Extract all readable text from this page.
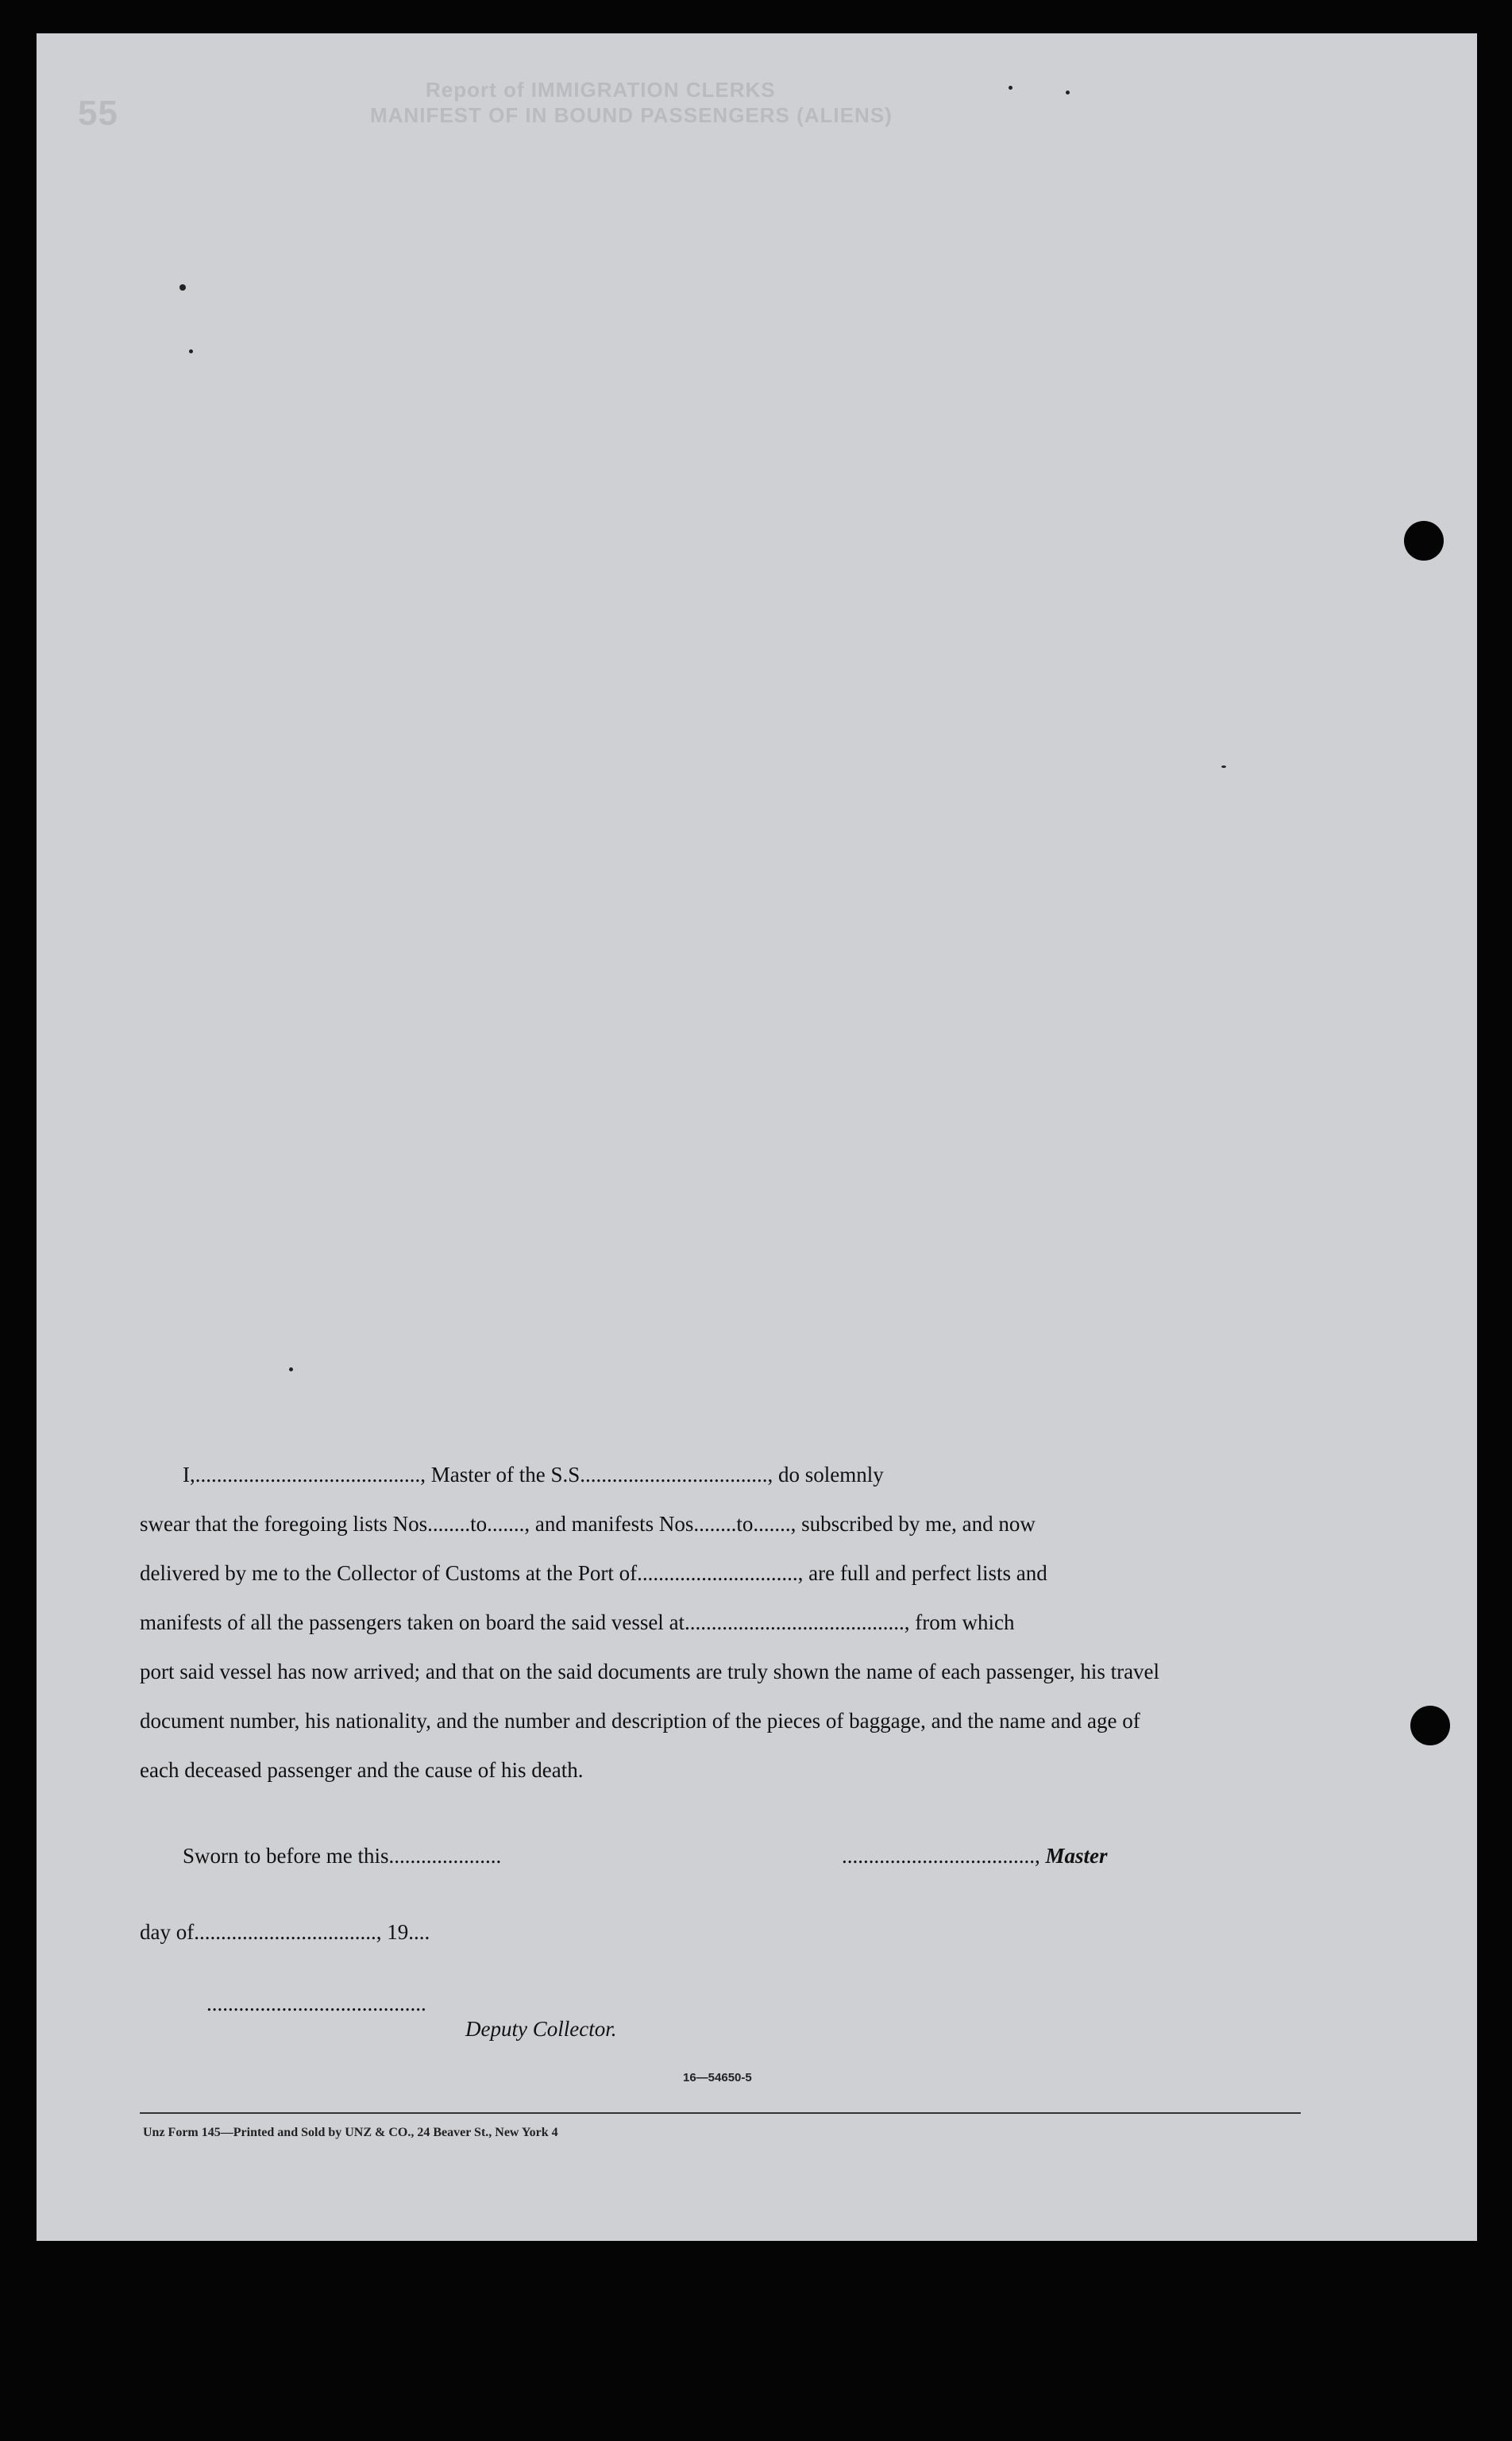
55
Report of IMMIGRATION CLERKS
MANIFEST OF IN BOUND PASSENGERS (ALIENS)

I,.........................................., Master of the S.S..................................., do solemnly

swear that the foregoing lists Nos........to......., and manifests Nos........to......., subscribed by me, and now

delivered by me to the Collector of Customs at the Port of.............................., are full and perfect lists and

manifests of all the passengers taken on board the said vessel at........................................., from which

port said vessel has now arrived; and that on the said documents are truly shown the name of each passenger, his travel

document number, his nationality, and the number and description of the pieces of baggage, and the name and age of

each deceased passenger and the cause of his death.

Sworn to before me this.....................	...................................., Master
day of.................................., 19....
.........................................
Deputy Collector.
16—54650-5
Unz Form 145—Printed and Sold by UNZ & CO., 24 Beaver St., New York 4
